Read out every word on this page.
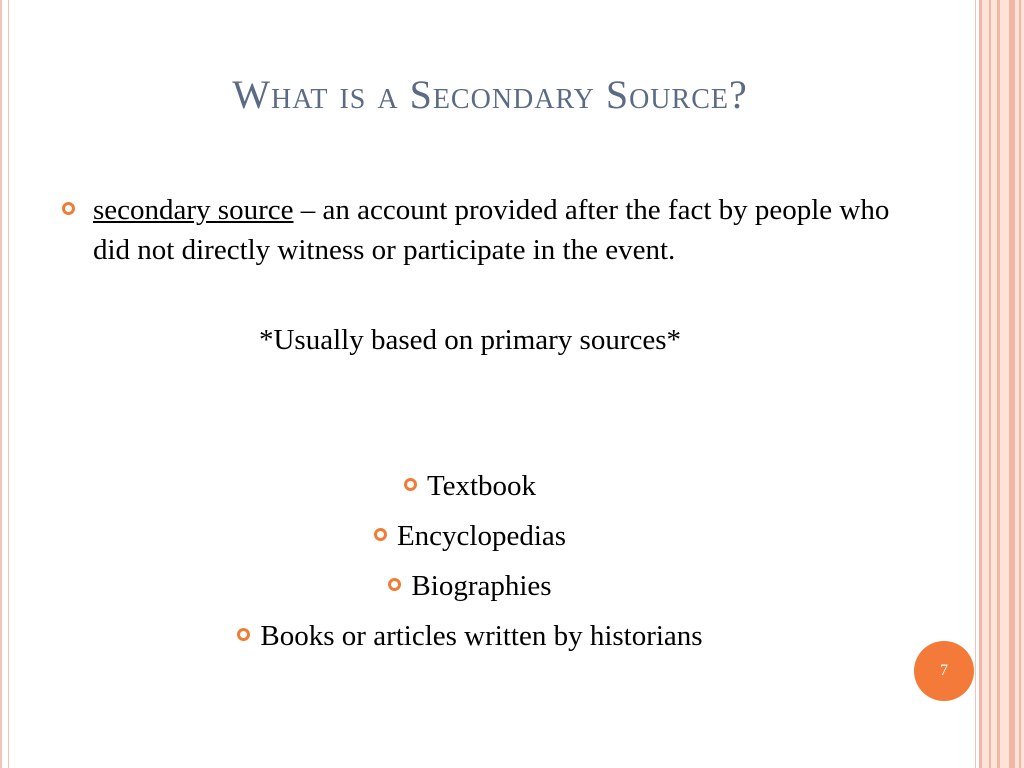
What is a Secondary Source?
secondary source – an account provided after the fact by people who did not directly witness or participate in the event.
*Usually based on primary sources*
Textbook
Encyclopedias
Biographies
Books or articles written by historians
7
